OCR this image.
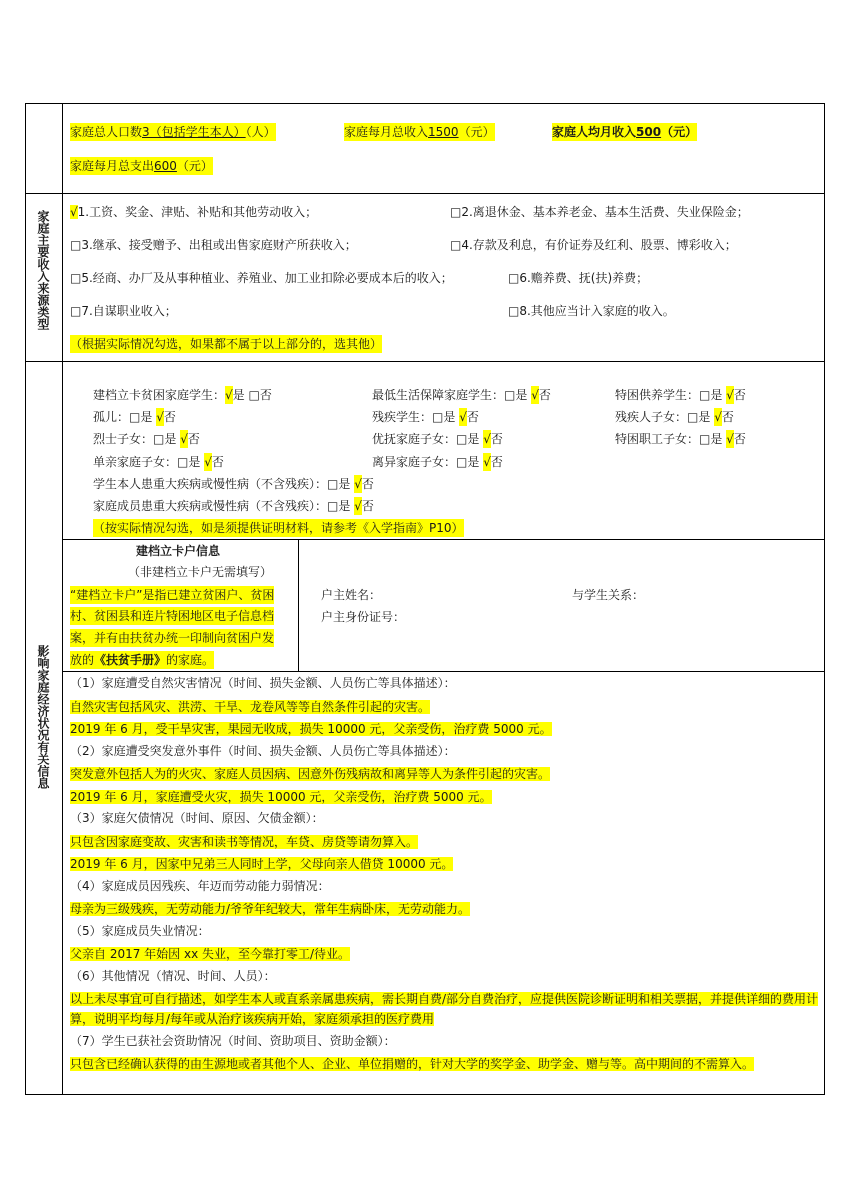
家庭总人口数3（包括学生本人）（人）	家庭每月总收入1500（元）	家庭人均月收入500（元）
家庭每月总支出600（元）
家庭主要收入来源类型 √1.工资、奖金、津贴、补贴和其他劳动收入；	□2.离退休金、基本养老金、基本生活费、失业保险金；
□3.继承、接受赠予、出租或出售家庭财产所获收入；	□4.存款及利息，有价证券及红利、股票、博彩收入；
□5.经商、办厂及从事种植业、养殖业、加工业扣除必要成本后的收入；	□6.赡养费、抚(扶)养费；
□7.自谋职业收入；	□8.其他应当计入家庭的收入。
（根据实际情况勾选，如果都不属于以上部分的，选其他）
影响家庭经济状况有关信息
建档立卡贫困家庭学生：√是 □否	最低生活保障家庭学生：□是 √否	特困供养学生：□是 √否
孤儿：□是 √否	残疾学生：□是 √否	残疾人子女：□是 √否
烈士子女：□是 √否	优抚家庭子女：□是 √否	特困职工子女：□是 √否
单亲家庭子女：□是 √否	离异家庭子女：□是 √否
学生本人患重大疾病或慢性病（不含残疾）：□是 √否
家庭成员患重大疾病或慢性病（不含残疾）：□是 √否
（按实际情况勾选，如是须提供证明材料，请参考《入学指南》P10）
建档立卡户信息
（非建档立卡户无需填写）
“建档立卡户”是指已建立贫困户、贫困
村、贫困县和连片特困地区电子信息档
案，并有由扶贫办统一印制向贫困户发
放的《扶贫手册》的家庭。
户主姓名：	与学生关系：
户主身份证号：
（1）家庭遭受自然灾害情况（时间、损失金额、人员伤亡等具体描述）：
自然灾害包括风灾、洪涝、干旱、龙卷风等等自然条件引起的灾害。
2019 年 6 月，受干旱灾害，果园无收成，损失 10000 元，父亲受伤，治疗费 5000 元。
（2）家庭遭受突发意外事件（时间、损失金额、人员伤亡等具体描述）：
突发意外包括人为的火灾、家庭人员因病、因意外伤残病故和离异等人为条件引起的灾害。
2019 年 6 月，家庭遭受火灾，损失 10000 元，父亲受伤，治疗费 5000 元。
（3）家庭欠债情况（时间、原因、欠债金额）：
只包含因家庭变故、灾害和读书等情况，车贷、房贷等请勿算入。
2019 年 6 月，因家中兄弟三人同时上学，父母向亲人借贷 10000 元。
（4）家庭成员因残疾、年迈而劳动能力弱情况：
母亲为三级残疾，无劳动能力/爷爷年纪较大，常年生病卧床，无劳动能力。
（5）家庭成员失业情况：
父亲自 2017 年始因 xx 失业，至今靠打零工/待业。
（6）其他情况（情况、时间、人员）：
以上未尽事宜可自行描述，如学生本人或直系亲属患疾病，需长期自费/部分自费治疗，应提供医院诊断证明和相关票据，并提供详细的费用计算，说明平均每月/每年或从治疗该疾病开始，家庭须承担的医疗费用
（7）学生已获社会资助情况（时间、资助项目、资助金额）：
只包含已经确认获得的由生源地或者其他个人、企业、单位捐赠的，针对大学的奖学金、助学金、赠与等。高中期间的不需算入。
